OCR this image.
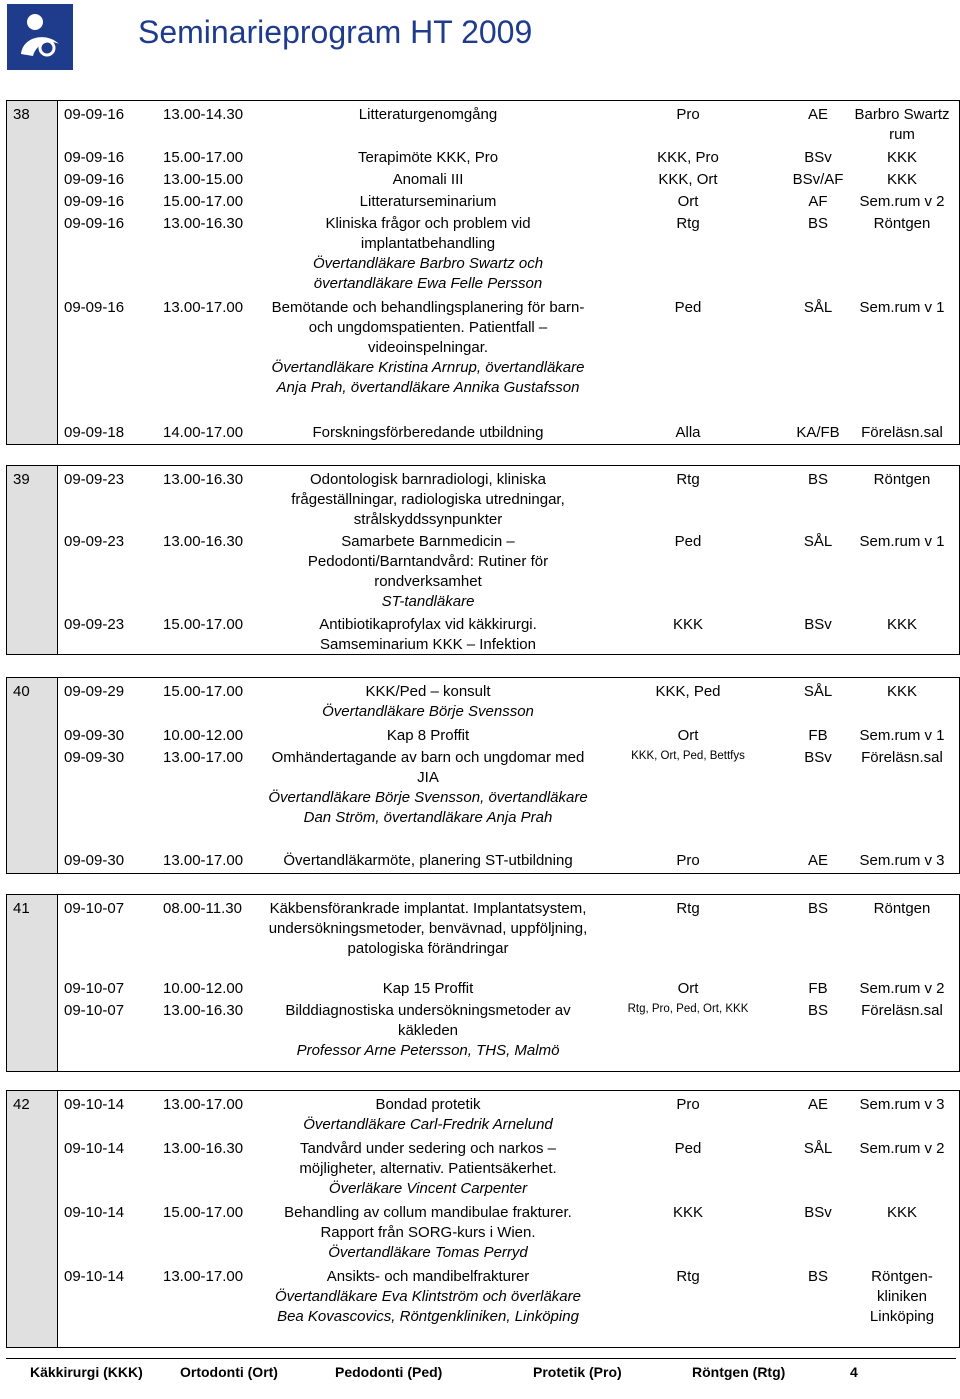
Seminarieprogram HT 2009
38	09-09-16	13.00-14.30	Litteraturgenomgång	Pro	AE	Barbro Swartz rum
09-09-16	15.00-17.00	Terapimöte KKK, Pro	KKK, Pro	BSv	KKK
09-09-16	13.00-15.00	Anomali III	KKK, Ort	BSv/AF	KKK
09-09-16	15.00-17.00	Litteraturseminarium	Ort	AF	Sem.rum v 2
09-09-16	13.00-16.30	Kliniska frågor och problem vid implantatbehandling
Övertandläkare Barbro Swartz och övertandläkare Ewa Felle Persson
Rtg	BS	Röntgen
09-09-16	13.00-17.00	Bemötande och behandlingsplanering för barn- och ungdomspatienten. Patientfall – videoinspelningar.
Övertandläkare Kristina Arnrup, övertandläkare Anja Prah, övertandläkare Annika Gustafsson
Ped	SÅL	Sem.rum v 1
09-09-18	14.00-17.00	Forskningsförberedande utbildning	Alla	KA/FB	Föreläsn.sal
39	09-09-23	13.00-16.30	Odontologisk barnradiologi, kliniska frågeställningar, radiologiska utredningar, strålskyddssynpunkter
Rtg	BS	Röntgen
09-09-23	13.00-16.30	Samarbete Barnmedicin – Pedodonti/Barntandvård: Rutiner för rondverksamhet
ST-tandläkare
Ped	SÅL	Sem.rum v 1
09-09-23	15.00-17.00	Antibiotikaprofylax vid käkkirurgi. Samseminarium KKK – Infektion
KKK	BSv	KKK
40	09-09-29	15.00-17.00	KKK/Ped – konsult
Övertandläkare Börje Svensson
KKK, Ped	SÅL	KKK
09-09-30	10.00-12.00	Kap 8 Proffit	Ort	FB	Sem.rum v 1
09-09-30	13.00-17.00	Omhändertagande av barn och ungdomar med JIA
Övertandläkare Börje Svensson, övertandläkare Dan Ström, övertandläkare Anja Prah
KKK, Ort, Ped, Bettfys	BSv	Föreläsn.sal
09-09-30	13.00-17.00	Övertandläkarmöte, planering ST-utbildning	Pro	AE	Sem.rum v 3
41	09-10-07	08.00-11.30	Käkbensförankrade implantat. Implantatsystem, undersökningsmetoder, benvävnad, uppföljning, patologiska förändringar
Rtg	BS	Röntgen
09-10-07	10.00-12.00	Kap 15 Proffit	Ort	FB	Sem.rum v 2
09-10-07	13.00-16.30	Bilddiagnostiska undersökningsmetoder av käkleden
Professor Arne Petersson, THS, Malmö
Rtg, Pro, Ped, Ort, KKK	BS	Föreläsn.sal
42	09-10-14	13.00-17.00	Bondad protetik
Övertandläkare Carl-Fredrik Arnelund
Pro	AE	Sem.rum v 3
09-10-14	13.00-16.30	Tandvård under sedering och narkos – möjligheter, alternativ. Patientsäkerhet.
Överläkare Vincent Carpenter
Ped	SÅL	Sem.rum v 2
09-10-14	15.00-17.00	Behandling av collum mandibulae frakturer. Rapport från SORG-kurs i Wien.
Övertandläkare Tomas Perryd
KKK	BSv	KKK
09-10-14	13.00-17.00	Ansikts- och mandibelfrakturer
Övertandläkare Eva Klintström och överläkare Bea Kovascovics, Röntgenkliniken, Linköping
Rtg	BS	Röntgen-kliniken Linköping
Käkkirurgi (KKK)	Ortodonti (Ort)	Pedodonti (Ped)	Protetik (Pro)	Röntgen (Rtg)	4
